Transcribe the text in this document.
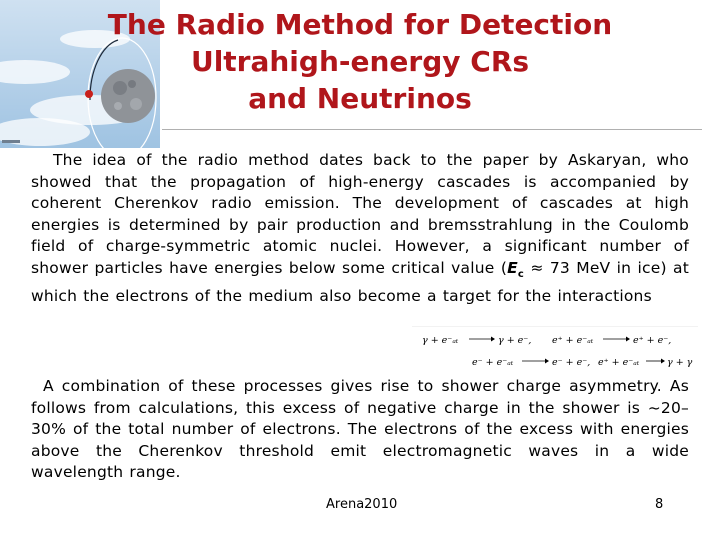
The Radio Method for Detection
Ultrahigh-energy CRs
and Neutrinos
The idea of the radio method dates back to the paper by Askaryan, who showed that the propagation of high-energy cascades is accompanied by coherent Cherenkov radio emission. The development of cascades at high energies is determined by pair production and bremsstrahlung in the Coulomb field of charge-symmetric atomic nuclei. However, a significant number of shower particles have energies below some critical value ($E_c \approx 73$ MeV in ice) at which the electrons of the medium also become a target for the interactions
γ + e⁻ₐₜ	γ + e⁻, e⁺ + e⁻ₐₜ	e⁺ + e⁻,
e⁻ + e⁻ₐₜ	e⁻ + e⁻, e⁺ + e⁻ₐₜ	γ + γ
A combination of these processes gives rise to shower charge asymmetry. As follows from calculations, this excess of negative charge in the shower is ~20–30% of the total number of electrons. The electrons of the excess with energies above the Cherenkov threshold emit electromagnetic waves in a wide wavelength range.
Arena2010	8
